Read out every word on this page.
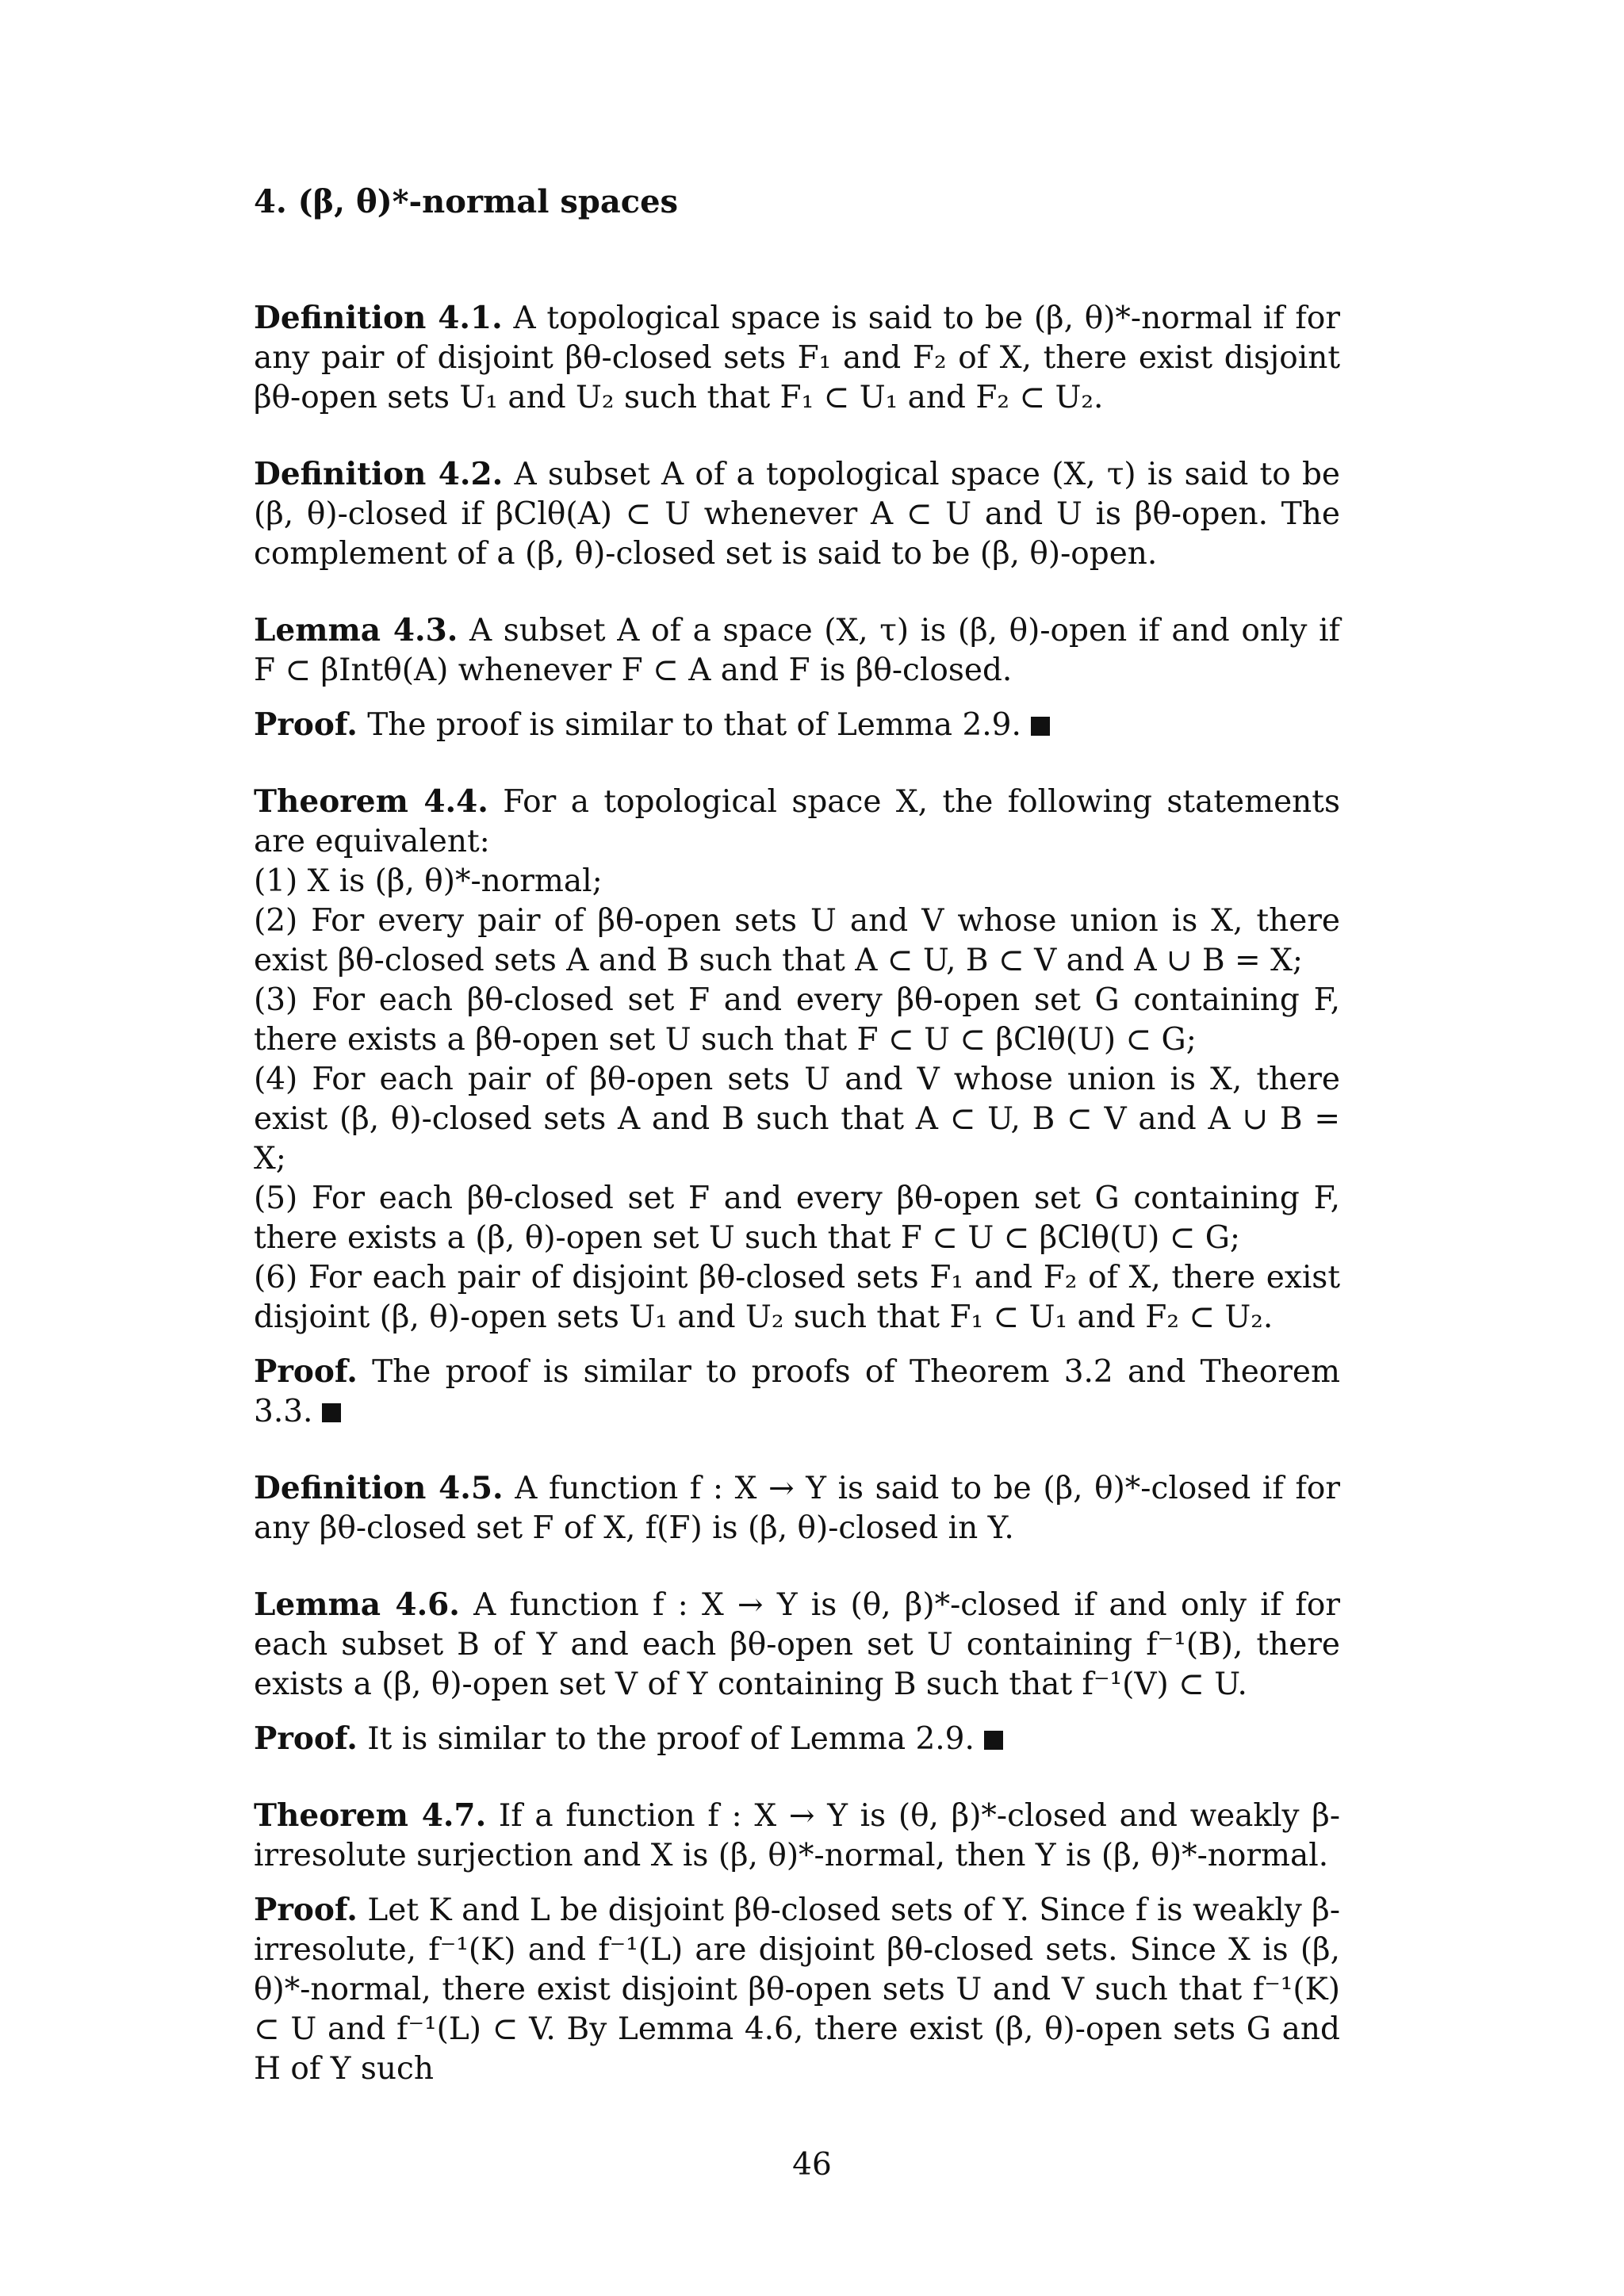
4. (β, θ)*-normal spaces

Definition 4.1. A topological space is said to be (β, θ)*-normal if for any pair of disjoint βθ-closed sets F₁ and F₂ of X, there exist disjoint βθ-open sets U₁ and U₂ such that F₁ ⊂ U₁ and F₂ ⊂ U₂.

Definition 4.2. A subset A of a topological space (X, τ) is said to be (β, θ)-closed if βClθ(A) ⊂ U whenever A ⊂ U and U is βθ-open. The complement of a (β, θ)-closed set is said to be (β, θ)-open.

Lemma 4.3. A subset A of a space (X, τ) is (β, θ)-open if and only if F ⊂ βIntθ(A) whenever F ⊂ A and F is βθ-closed.

Proof. The proof is similar to that of Lemma 2.9.

Theorem 4.4. For a topological space X, the following statements are equivalent:

(1) X is (β, θ)*-normal;

(2) For every pair of βθ-open sets U and V whose union is X, there exist βθ-closed sets A and B such that A ⊂ U, B ⊂ V and A ∪ B = X;

(3) For each βθ-closed set F and every βθ-open set G containing F, there exists a βθ-open set U such that F ⊂ U ⊂ βClθ(U) ⊂ G;

(4) For each pair of βθ-open sets U and V whose union is X, there exist (β, θ)-closed sets A and B such that A ⊂ U, B ⊂ V and A ∪ B = X;

(5) For each βθ-closed set F and every βθ-open set G containing F, there exists a (β, θ)-open set U such that F ⊂ U ⊂ βClθ(U) ⊂ G;

(6) For each pair of disjoint βθ-closed sets F₁ and F₂ of X, there exist disjoint (β, θ)-open sets U₁ and U₂ such that F₁ ⊂ U₁ and F₂ ⊂ U₂.

Proof. The proof is similar to proofs of Theorem 3.2 and Theorem 3.3.

Definition 4.5. A function f : X → Y is said to be (β, θ)*-closed if for any βθ-closed set F of X, f(F) is (β, θ)-closed in Y.

Lemma 4.6. A function f : X → Y is (θ, β)*-closed if and only if for each subset B of Y and each βθ-open set U containing f⁻¹(B), there exists a (β, θ)-open set V of Y containing B such that f⁻¹(V) ⊂ U.

Proof. It is similar to the proof of Lemma 2.9.

Theorem 4.7. If a function f : X → Y is (θ, β)*-closed and weakly β-irresolute surjection and X is (β, θ)*-normal, then Y is (β, θ)*-normal.

Proof. Let K and L be disjoint βθ-closed sets of Y. Since f is weakly β-irresolute, f⁻¹(K) and f⁻¹(L) are disjoint βθ-closed sets. Since X is (β, θ)*-normal, there exist disjoint βθ-open sets U and V such that f⁻¹(K) ⊂ U and f⁻¹(L) ⊂ V. By Lemma 4.6, there exist (β, θ)-open sets G and H of Y such

46
